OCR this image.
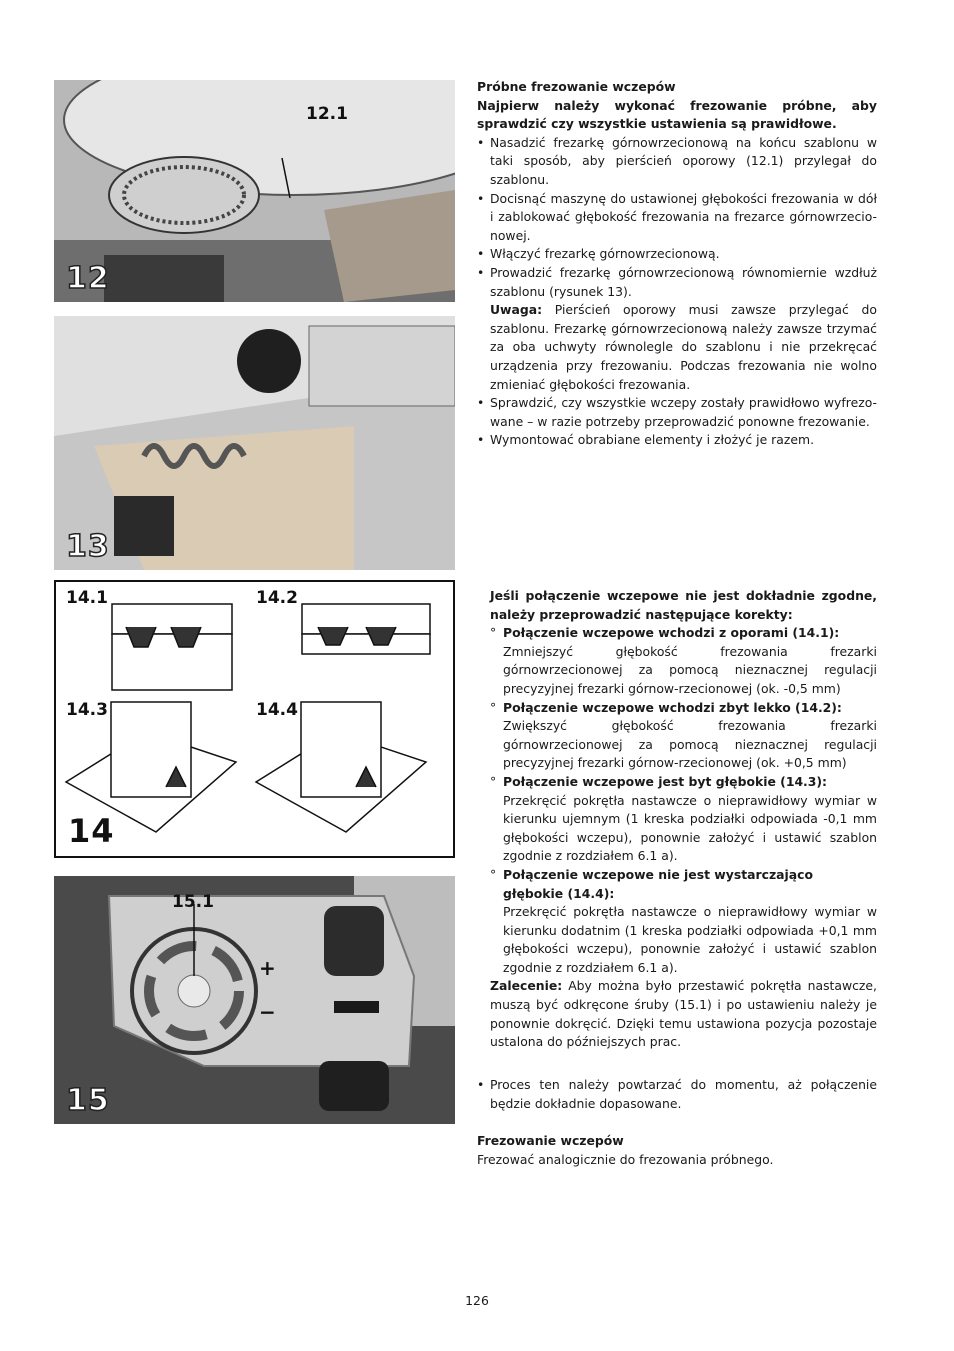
12.1
12
13
14.1	14.2
14.3	14.4
14
15.1
+
−
15

Próbne frezowanie wczepów

Najpierw należy wykonać frezowanie próbne, aby sprawdzić czy wszystkie ustawienia są prawidłowe.

• Nasadzić frezarkę górnowrzecionową na końcu szablonu w taki sposób, aby pierścień oporowy (12.1) przylegał do szablonu.
• Docisnąć maszynę do ustawionej głębokości frezowania w dół i zablokować głębokość frezowania na frezarce górnowrzecio-nowej.
• Włączyć frezarkę górnowrzecionową.
• Prowadzić frezarkę górnowrzecionową równomiernie wzdłuż szablonu (rysunek 13).

Uwaga: Pierścień oporowy musi zawsze przylegać do szablonu. Frezarkę górnowrzecionową należy zawsze trzymać za oba uchwyty równolegle do szablonu i nie przekręcać urządzenia przy frezowaniu. Podczas frezowania nie wolno zmieniać głębokości frezowania.

• Sprawdzić, czy wszystkie wczepy zostały prawidłowo wyfrezo-wane – w razie potrzeby przeprowadzić ponowne frezowanie.
• Wymontować obrabiane elementy i złożyć je razem.

Jeśli połączenie wczepowe nie jest dokładnie zgodne, należy przeprowadzić następujące korekty:

° Połączenie wczepowe wchodzi z oporami (14.1):

Zmniejszyć głębokość frezowania frezarki górnowrzecionowej za pomocą nieznacznej regulacji precyzyjnej frezarki górnow-rzecionowej (ok. -0,5 mm)

° Połączenie wczepowe wchodzi zbyt lekko (14.2):

Zwiększyć głębokość frezowania frezarki górnowrzecionowej za pomocą nieznacznej regulacji precyzyjnej frezarki górnow-rzecionowej (ok. +0,5 mm)

° Połączenie wczepowe jest byt głębokie (14.3):

Przekręcić pokrętła nastawcze o nieprawidłowy wymiar w kierunku ujemnym (1 kreska podziałki odpowiada -0,1 mm głębokości wczepu), ponownie założyć i ustawić szablon zgodnie z rozdziałem 6.1 a).

° Połączenie wczepowe nie jest wystarczająco głębokie (14.4):

Przekręcić pokrętła nastawcze o nieprawidłowy wymiar w kierunku dodatnim (1 kreska podziałki odpowiada +0,1 mm głębokości wczepu), ponownie założyć i ustawić szablon zgodnie z rozdziałem 6.1 a).

Zalecenie: Aby można było przestawić pokrętła nastawcze, muszą być odkręcone śruby (15.1) i po ustawieniu należy je ponownie dokręcić. Dzięki temu ustawiona pozycja pozostaje ustalona do późniejszych prac.

• Proces ten należy powtarzać do momentu, aż połączenie będzie dokładnie dopasowane.

Frezowanie wczepów

Frezować analogicznie do frezowania próbnego.

126
